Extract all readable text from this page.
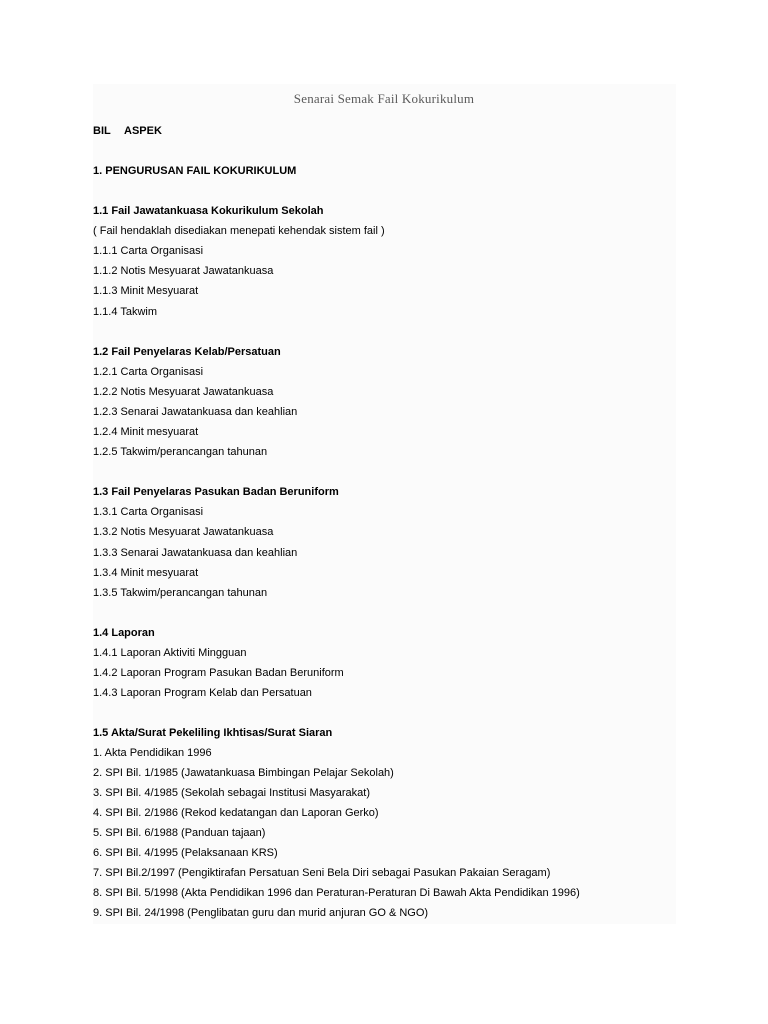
Senarai Semak Fail Kokurikulum
BIL ASPEK
1. PENGURUSAN FAIL KOKURIKULUM
1.1 Fail Jawatankuasa Kokurikulum Sekolah
( Fail hendaklah disediakan menepati kehendak sistem fail )
1.1.1 Carta Organisasi
1.1.2 Notis Mesyuarat Jawatankuasa
1.1.3 Minit Mesyuarat
1.1.4 Takwim
1.2 Fail Penyelaras Kelab/Persatuan
1.2.1 Carta Organisasi
1.2.2 Notis Mesyuarat Jawatankuasa
1.2.3 Senarai Jawatankuasa dan keahlian
1.2.4 Minit mesyuarat
1.2.5 Takwim/perancangan tahunan
1.3 Fail Penyelaras Pasukan Badan Beruniform
1.3.1 Carta Organisasi
1.3.2 Notis Mesyuarat Jawatankuasa
1.3.3 Senarai Jawatankuasa dan keahlian
1.3.4 Minit mesyuarat
1.3.5 Takwim/perancangan tahunan
1.4 Laporan
1.4.1 Laporan Aktiviti Mingguan
1.4.2 Laporan Program Pasukan Badan Beruniform
1.4.3 Laporan Program Kelab dan Persatuan
1.5 Akta/Surat Pekeliling Ikhtisas/Surat Siaran
1. Akta Pendidikan 1996
2. SPI Bil. 1/1985 (Jawatankuasa Bimbingan Pelajar Sekolah)
3. SPI Bil. 4/1985 (Sekolah sebagai Institusi Masyarakat)
4. SPI Bil. 2/1986 (Rekod kedatangan dan Laporan Gerko)
5. SPI Bil. 6/1988 (Panduan tajaan)
6. SPI Bil. 4/1995 (Pelaksanaan KRS)
7. SPI Bil.2/1997 (Pengiktirafan Persatuan Seni Bela Diri sebagai Pasukan Pakaian Seragam)
8. SPI Bil. 5/1998 (Akta Pendidikan 1996 dan Peraturan-Peraturan Di Bawah Akta Pendidikan 1996)
9. SPI Bil. 24/1998 (Penglibatan guru dan murid anjuran GO & NGO)
